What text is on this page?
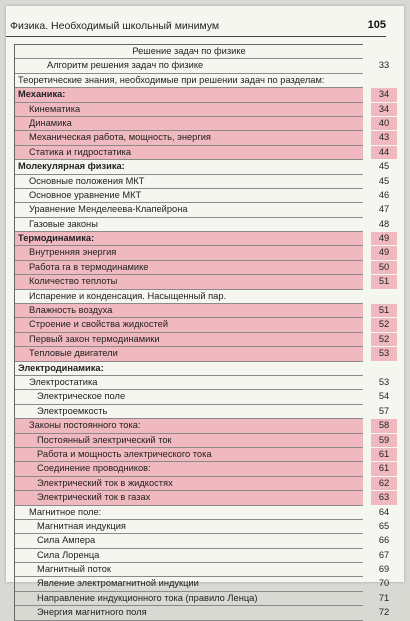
Физика. Необходимый школьный минимум	105
Решение задач по физике
Алгоритм решения задач по физике	33
Теоретические знания, необходимые при решении задач по разделам:
Механика:	34
Кинематика	34
Динамика	40
Механическая работа, мощность, энергия	43
Статика и гидростатика	44
Молекулярная физика:	45
Основные положения МКТ	45
Основное уравнение МКТ	46
Уравнение Менделеева-Клапейрона	47
Газовые законы	48
Термодинамика:	49
Внутренняя энергия	49
Работа га в термодинамике	50
Количество теплоты	51
Испарение и конденсация. Насыщенный пар.
Влажность воздуха	51
Строение и свойства жидкостей	52
Первый закон термодинамики	52
Тепловые двигатели	53
Электродинамика:
Электростатика	53
Электрическое поле	54
Электроемкость	57
Законы постоянного тока:	58
Постоянный электрический ток	59
Работа и мощность электрического тока	61
Соединение проводников:	61
Электрический ток в жидкостях	62
Электрический ток в газах	63
Магнитное поле:	64
Магнитная индукция	65
Сила Ампера	66
Сила Лоренца	67
Магнитный поток	69
Явление электромагнитной индукции	70
Направление индукционного тока (правило Ленца)	71
Энергия магнитного поля	72
